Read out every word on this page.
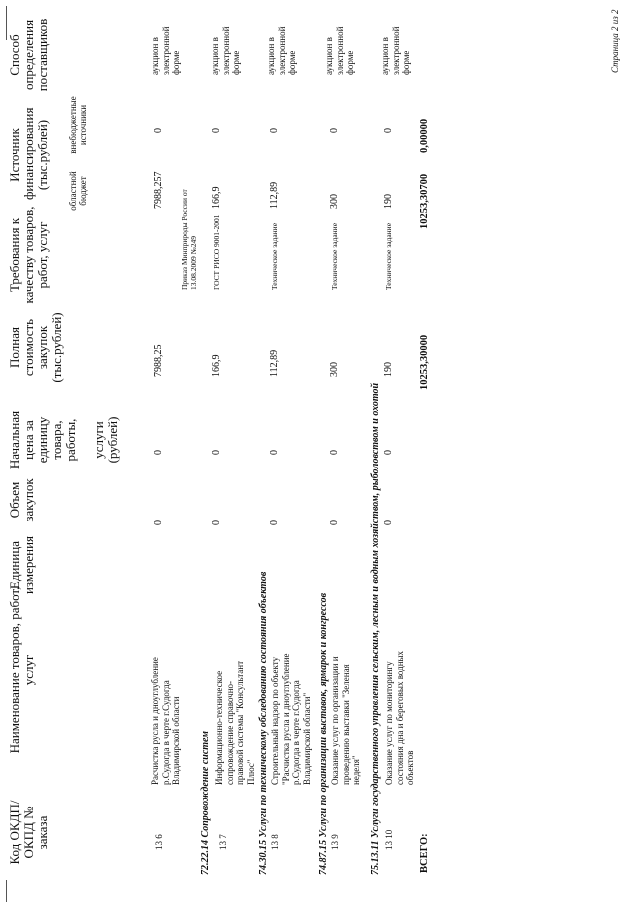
Код ОКДП/ ОКПД № заказа
Наименование товаров, работ, услуг
Единица измерения
Объем закупок
Начальная цена за единицу товара, работы, услуги (рублей)
Полная стоимость закупок (тыс.рублей)
Требования к качеству товаров, работ, услуг
Источник финансирования (тыс.рублей)
областной бюджет
внебюджетные источники
Способ определения поставщиков
72.22.14 Сопровождение систем
74.30.15 Услуги по техническому обследованию состояния объектов
74.87.15 Услуги по организации выставок, ярмарок и конгрессов
75.13.11 Услуги государственного управления сельским, лесным и водным хозяйством, рыболовством и охотой
13 6
Расчистка русла и дноуглубление р.Судогда в черте г.Судогда Владимирской области
0
0
7988,25
Приказ Минприроды России от 13.08.2009 №249
7988,257
0
аукцион в электронной форме
13 7
Информационно-техническое сопровождение справочно-правовой системы "Консультант Плюс"
0
0
166,9
ГОСТ РИСО 9001-2001
166,9
0
аукцион в электронной форме
13 8
Строительный надзор по объекту "Расчистка русла и дноуглубление р.Судогда в черте г.Судогда Владимирской области"
0
0
112,89
Техническое задание
112,89
0
аукцион в электронной форме
13 9
Оказание услуг по организации и проведению выставки "Зеленая неделя"
0
0
300
Техническое задание
300
0
аукцион в электронной форме
13 10
Оказание услуг по мониторингу состояния дна и береговых водных объектов
0
0
190
Техническое задание
190
0
аукцион в электронной форме
ВСЕГО:
10253,30000
10253,30700
0,00000
Страница 2 из 2
